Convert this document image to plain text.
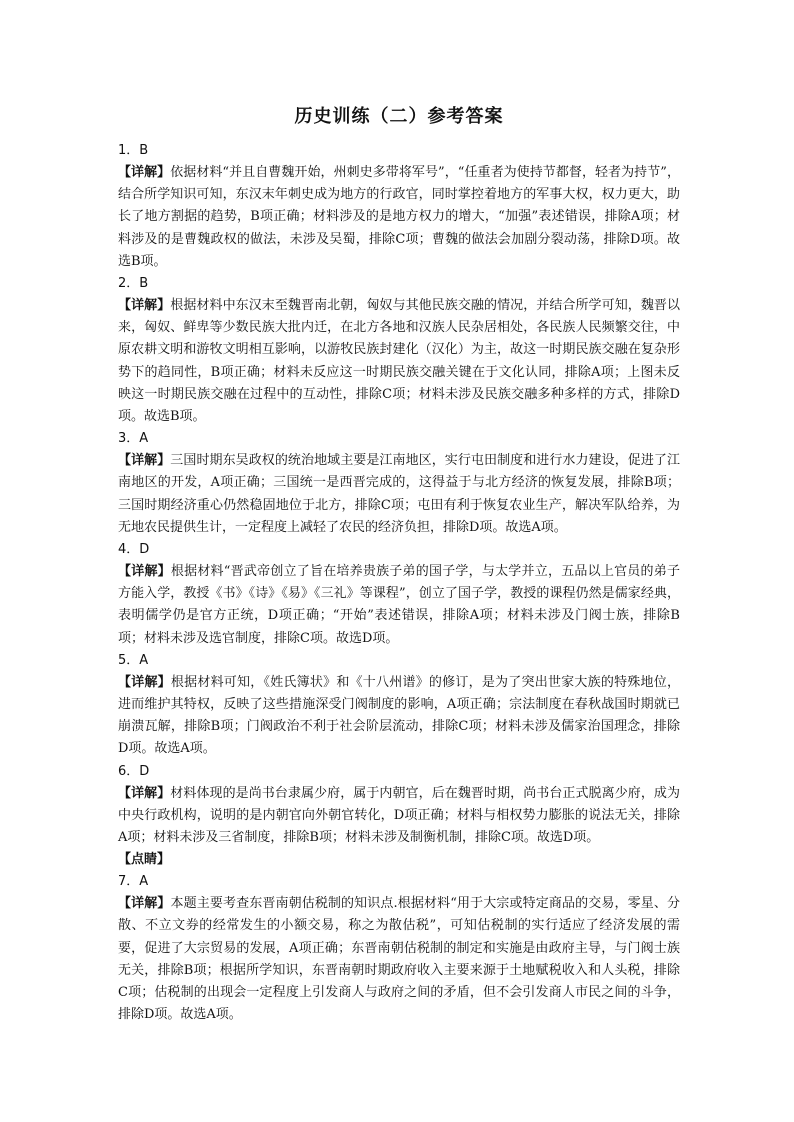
历史训练（二）参考答案
1．B

【详解】依据材料“并且自曹魏开始，州刺史多带将军号”，“任重者为使持节都督，轻者为持节”，结合所学知识可知，东汉末年刺史成为地方的行政官，同时掌控着地方的军事大权，权力更大，助长了地方割据的趋势，B项正确；材料涉及的是地方权力的增大，“加强”表述错误，排除A项；材料涉及的是曹魏政权的做法，未涉及吴蜀，排除C项；曹魏的做法会加剧分裂动荡，排除D项。故选B项。

2．B

【详解】根据材料中东汉末至魏晋南北朝，匈奴与其他民族交融的情况，并结合所学可知，魏晋以来，匈奴、鲜卑等少数民族大批内迁，在北方各地和汉族人民杂居相处，各民族人民频繁交往，中原农耕文明和游牧文明相互影响，以游牧民族封建化（汉化）为主，故这一时期民族交融在复杂形势下的趋同性，B项正确；材料未反应这一时期民族交融关键在于文化认同，排除A项；上图未反映这一时期民族交融在过程中的互动性，排除C项；材料未涉及民族交融多种多样的方式，排除D项。故选B项。

3．A

【详解】三国时期东吴政权的统治地域主要是江南地区，实行屯田制度和进行水力建设，促进了江南地区的开发，A项正确；三国统一是西晋完成的，这得益于与北方经济的恢复发展，排除B项；三国时期经济重心仍然稳固地位于北方，排除C项；屯田有利于恢复农业生产，解决军队给养，为无地农民提供生计，一定程度上减轻了农民的经济负担，排除D项。故选A项。

4．D

【详解】根据材料“晋武帝创立了旨在培养贵族子弟的国子学，与太学并立，五品以上官员的弟子方能入学，教授《书》《诗》《易》《三礼》等课程”，创立了国子学，教授的课程仍然是儒家经典，表明儒学仍是官方正统，D项正确；“开始”表述错误，排除A项；材料未涉及门阀士族，排除B项；材料未涉及选官制度，排除C项。故选D项。

5．A

【详解】根据材料可知，《姓氏簿状》和《十八州谱》的修订，是为了突出世家大族的特殊地位，进而维护其特权，反映了这些措施深受门阀制度的影响，A项正确；宗法制度在春秋战国时期就已崩溃瓦解，排除B项；门阀政治不利于社会阶层流动，排除C项；材料未涉及儒家治国理念，排除D项。故选A项。

6．D

【详解】材料体现的是尚书台隶属少府，属于内朝官，后在魏晋时期，尚书台正式脱离少府，成为中央行政机构，说明的是内朝官向外朝官转化，D项正确；材料与相权势力膨胀的说法无关，排除A项；材料未涉及三省制度，排除B项；材料未涉及制衡机制，排除C项。故选D项。

【点睛】
7．A

【详解】本题主要考查东晋南朝估税制的知识点.根据材料“用于大宗或特定商品的交易，零星、分散、不立文券的经常发生的小额交易，称之为散估税”，可知估税制的实行适应了经济发展的需要，促进了大宗贸易的发展，A项正确；东晋南朝估税制的制定和实施是由政府主导，与门阀士族无关，排除B项；根据所学知识，东晋南朝时期政府收入主要来源于土地赋税收入和人头税，排除C项；估税制的出现会一定程度上引发商人与政府之间的矛盾，但不会引发商人市民之间的斗争，排除D项。故选A项。
